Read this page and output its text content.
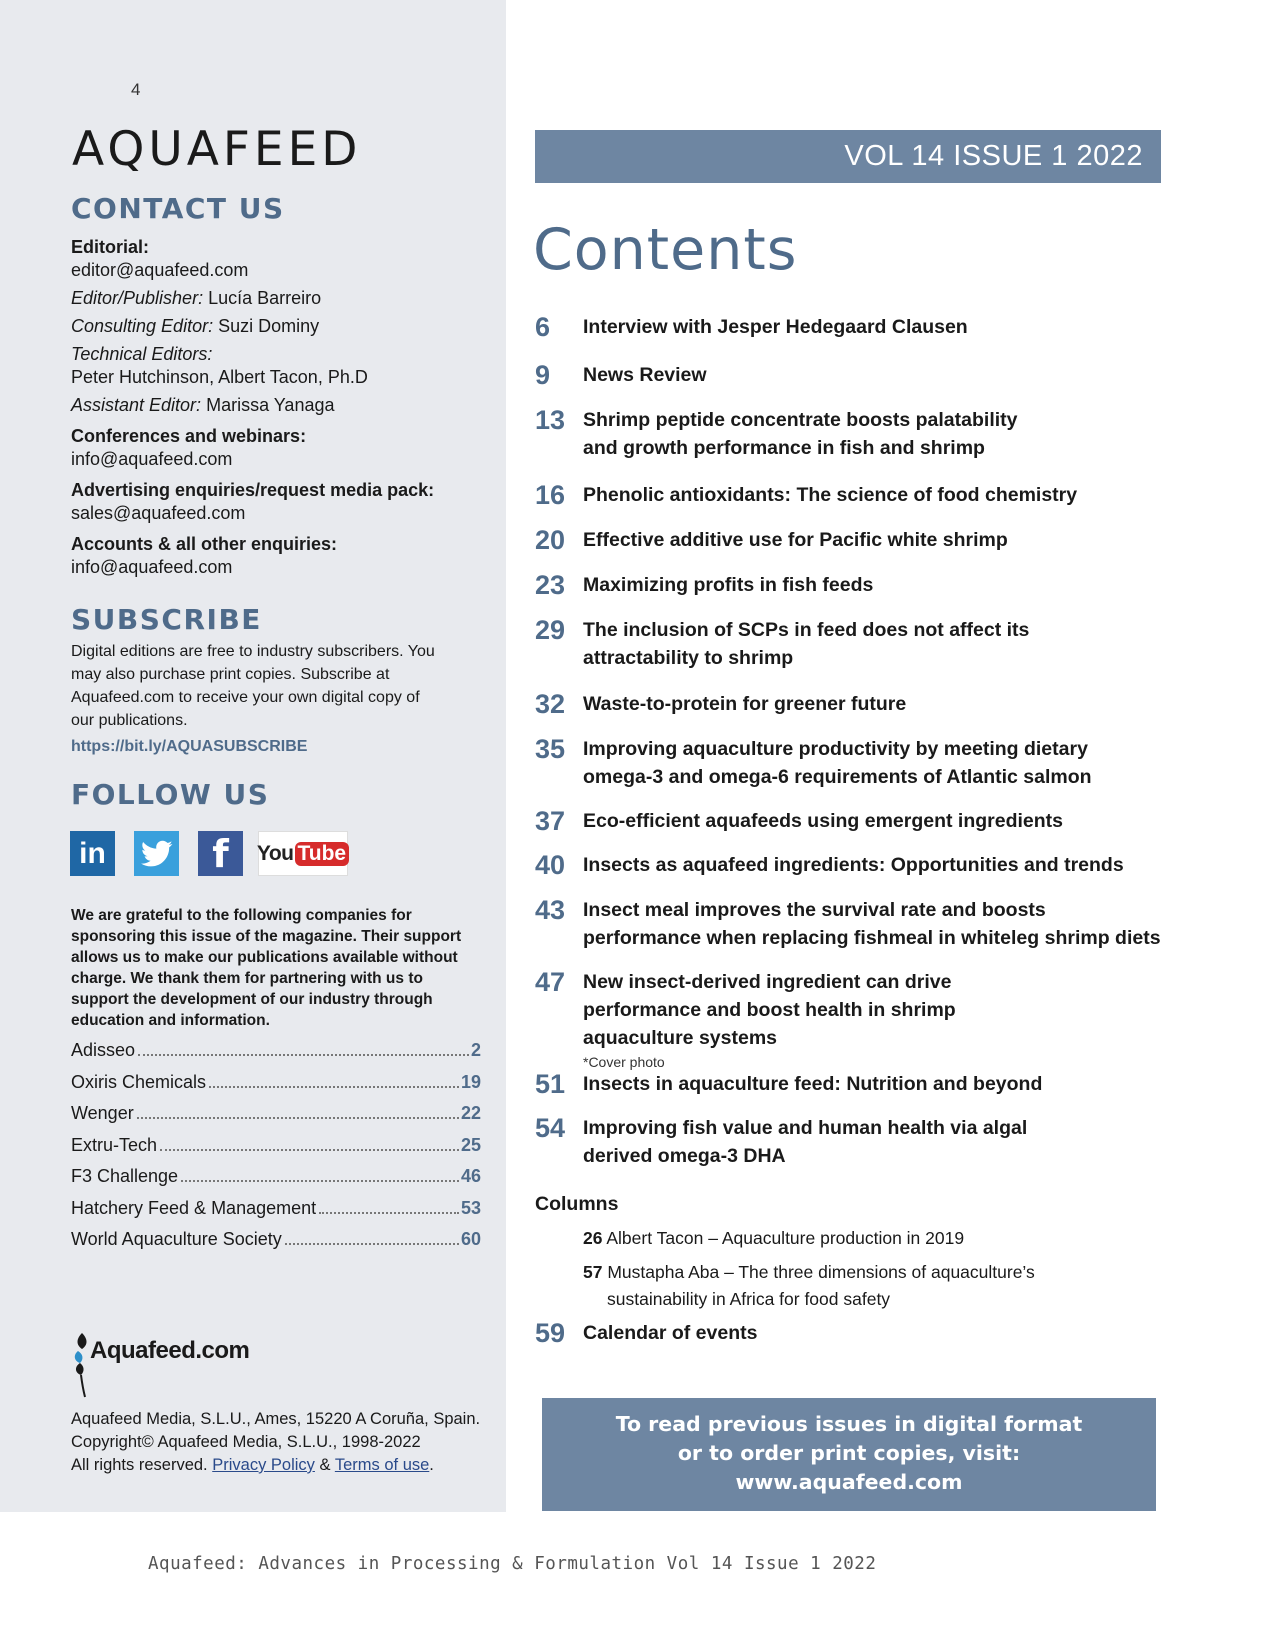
4
AQUAFEED
CONTACT US
Editorial:
editor@aquafeed.com
Editor/Publisher: Lucía Barreiro
Consulting Editor: Suzi Dominy
Technical Editors:
Peter Hutchinson, Albert Tacon, Ph.D
Assistant Editor: Marissa Yanaga
Conferences and webinars:
info@aquafeed.com
Advertising enquiries/request media pack:
sales@aquafeed.com
Accounts & all other enquiries:
info@aquafeed.com
SUBSCRIBE
Digital editions are free to industry subscribers. You may also purchase print copies. Subscribe at Aquafeed.com to receive your own digital copy of our publications.
https://bit.ly/AQUASUBSCRIBE
FOLLOW US
in	f	You Tube
We are grateful to the following companies for sponsoring this issue of the magazine. Their support allows us to make our publications available without charge. We thank them for partnering with us to support the development of our industry through education and information.
Adisseo	2
Oxiris Chemicals	19
Wenger	22
Extru-Tech	25
F3 Challenge	46
Hatchery Feed & Management	53
World Aquaculture Society	60
Aquafeed.com
Aquafeed Media, S.L.U., Ames, 15220 A Coruña, Spain.
Copyright© Aquafeed Media, S.L.U., 1998-2022
All rights reserved. Privacy Policy & Terms of use.
VOL 14 ISSUE 1 2022
Contents
6	Interview with Jesper Hedegaard Clausen
9	News Review
13 Shrimp peptide concentrate boosts palatability and growth performance in fish and shrimp
16 Phenolic antioxidants: The science of food chemistry
20 Effective additive use for Pacific white shrimp
23 Maximizing profits in fish feeds
29 The inclusion of SCPs in feed does not affect its attractability to shrimp
32 Waste-to-protein for greener future
35 Improving aquaculture productivity by meeting dietary omega-3 and omega-6 requirements of Atlantic salmon
37 Eco-efficient aquafeeds using emergent ingredients
40 Insects as aquafeed ingredients: Opportunities and trends
43 Insect meal improves the survival rate and boosts performance when replacing fishmeal in whiteleg shrimp diets
47 New insect-derived ingredient can drive performance and boost health in shrimp aquaculture systems
*Cover photo
51 Insects in aquaculture feed: Nutrition and beyond
54 Improving fish value and human health via algal derived omega-3 DHA
Columns
26 Albert Tacon – Aquaculture production in 2019
57 Mustapha Aba – The three dimensions of aquaculture’s
sustainability in Africa for food safety
59 Calendar of events
To read previous issues in digital format
or to order print copies, visit:
www.aquafeed.com
Aquafeed: Advances in Processing & Formulation Vol 14 Issue 1 2022
